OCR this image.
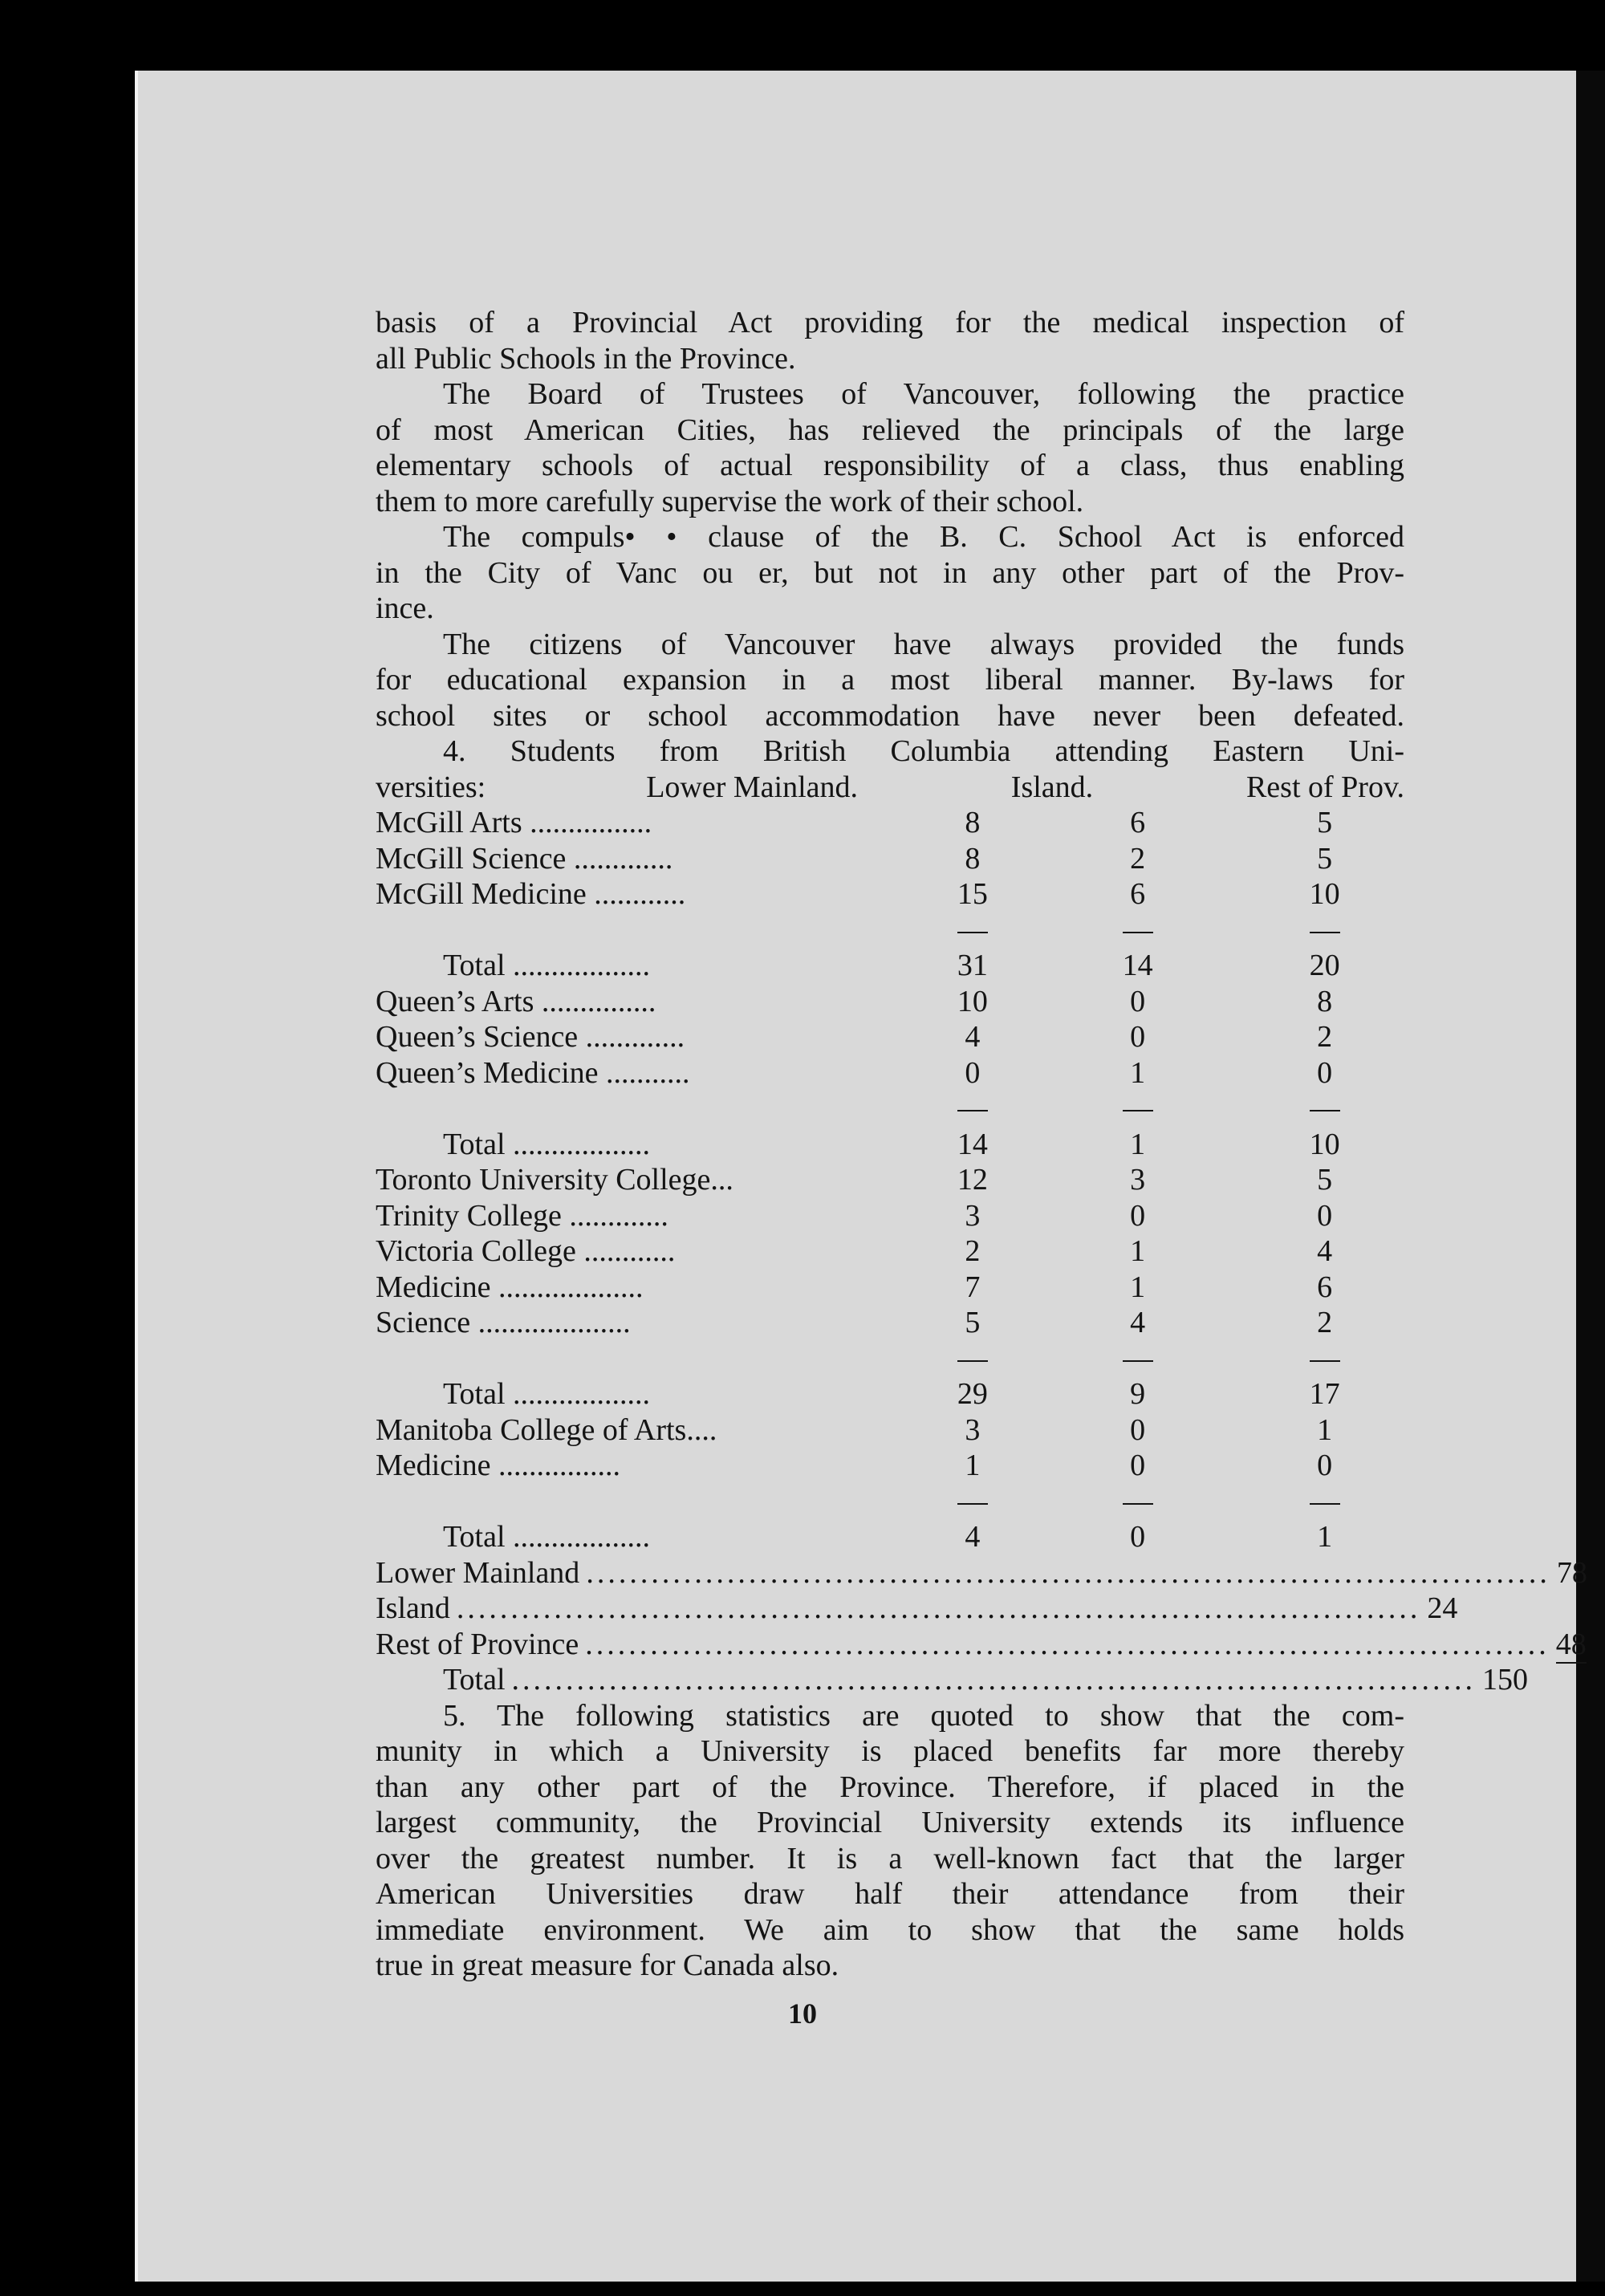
basis of a Provincial Act providing for the medical inspection of
all Public Schools in the Province.

The Board of Trustees of Vancouver, following the practice
of most American Cities, has relieved the principals of the large
elementary schools of actual responsibility of a class, thus enabling
them to more carefully supervise the work of their school.

The compuls• • clause of the B. C. School Act is enforced
in the City of Vanc ou er, but not in any other part of the Prov-
ince.

The citizens of Vancouver have always provided the funds
for educational expansion in a most liberal manner. By-laws for
school sites or school accommodation have never been defeated.

4. Students from British Columbia attending Eastern Uni-

versities:	Lower Mainland.	Island.	Rest of Prov.
McGill Arts ................	8	6	5
McGill Science .............	8	2	5
McGill Medicine ............	15	6	10

Total ..................	31	14	20
Queen’s Arts ...............	10	0	8
Queen’s Science .............	4	0	2
Queen’s Medicine ...........	0	1	0

Total ..................	14	1	10
Toronto University College...	12	3	5
Trinity College .............	3	0	0
Victoria College ............	2	1	4
Medicine ...................	7	1	6
Science ....................	5	4	2

Total ..................	29	9	17
Manitoba College of Arts....	3	0	1
Medicine ................	1	0	0

Total ..................	4	0	1
Lower Mainland ......................................................................................... 78
Island ......................................................................................... 24
Rest of Province ......................................................................................... 48
Total ......................................................................................... 150

5. The following statistics are quoted to show that the com-
munity in which a University is placed benefits far more thereby
than any other part of the Province. Therefore, if placed in the
largest community, the Provincial University extends its influence
over the greatest number. It is a well-known fact that the larger
American Universities draw half their attendance from their
immediate environment. We aim to show that the same holds
true in great measure for Canada also.

10
